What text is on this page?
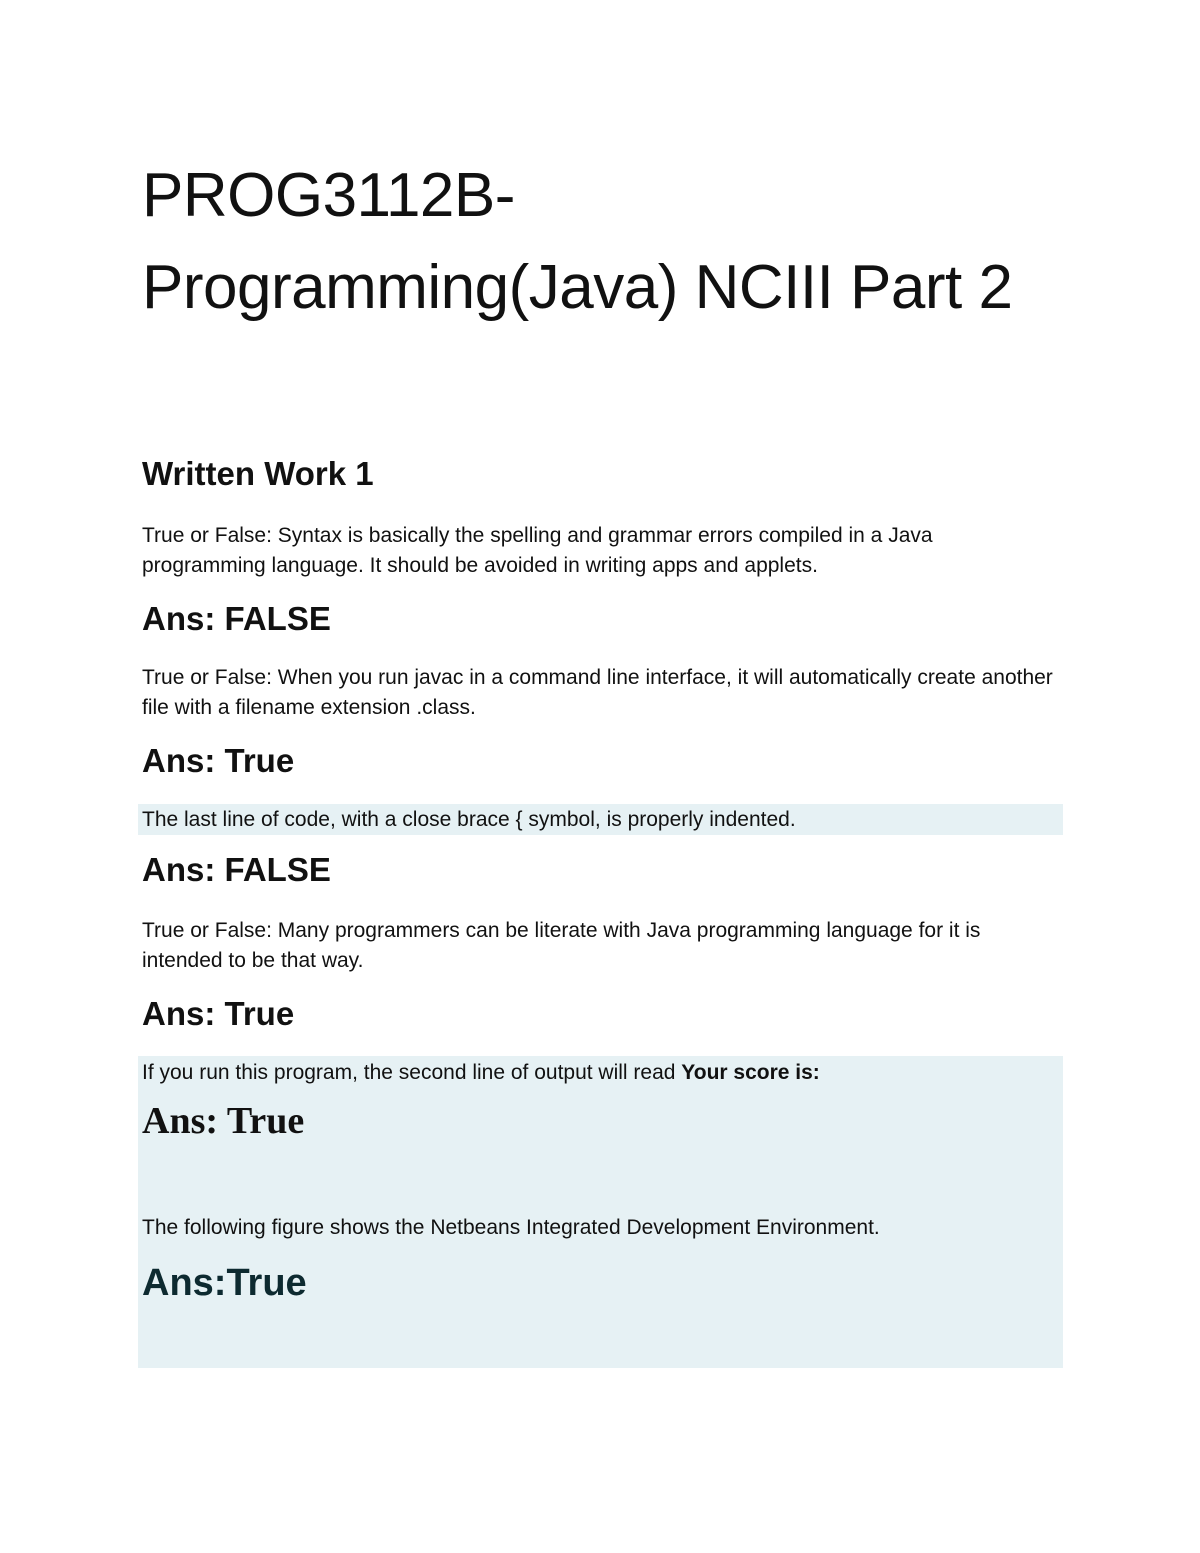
PROG3112B-
Programming(Java) NCIII Part 2
Written Work 1

True or False: Syntax is basically the spelling and grammar errors compiled in a Java programming language. It should be avoided in writing apps and applets.

Ans: FALSE

True or False: When you run javac in a command line interface, it will automatically create another file with a filename extension .class.

Ans: True

The last line of code, with a close brace { symbol, is properly indented.

Ans: FALSE

True or False: Many programmers can be literate with Java programming language for it is intended to be that way.

Ans: True

If you run this program, the second line of output will read Your score is:

Ans: True

The following figure shows the Netbeans Integrated Development Environment.

Ans:True
